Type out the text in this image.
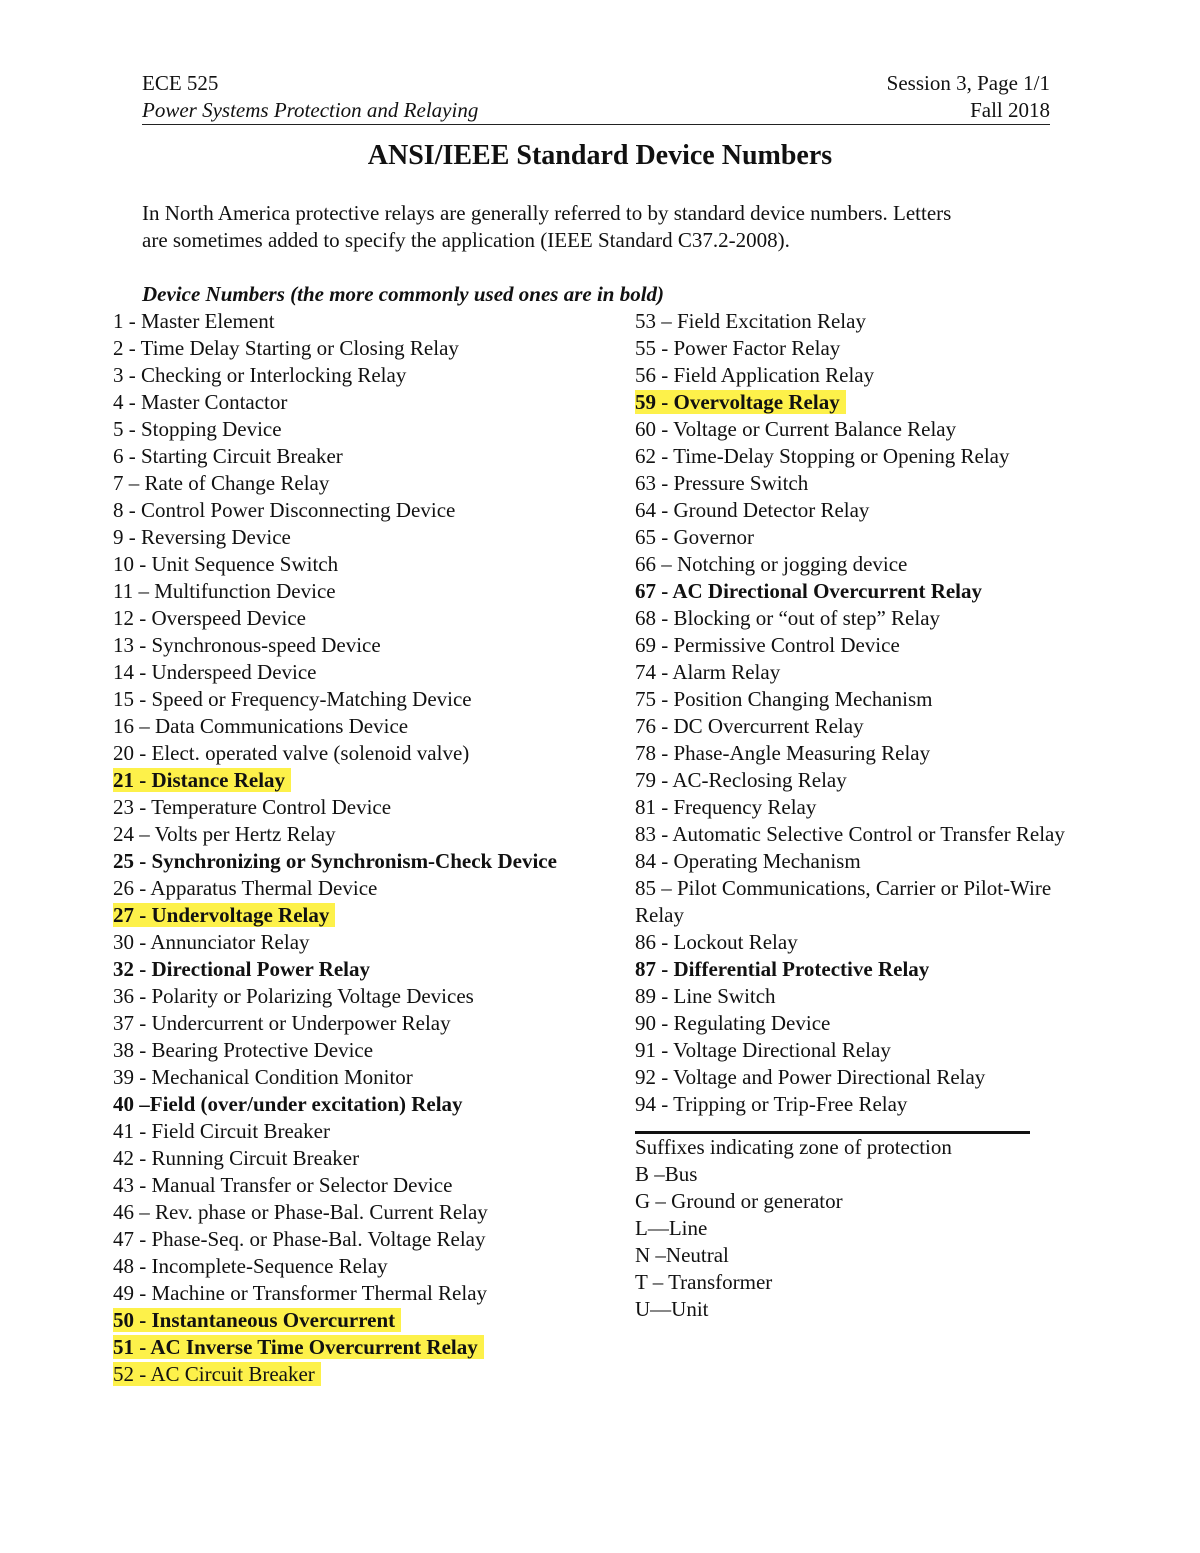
ECE 525	Session 3, Page 1/1
Power Systems Protection and Relaying	Fall 2018
ANSI/IEEE Standard Device Numbers

In North America protective relays are generally referred to by standard device numbers. Letters

are sometimes added to specify the application (IEEE Standard C37.2-2008).

Device Numbers (the more commonly used ones are in bold)
1 - Master Element
2 - Time Delay Starting or Closing Relay
3 - Checking or Interlocking Relay
4 - Master Contactor
5 - Stopping Device
6 - Starting Circuit Breaker
7 – Rate of Change Relay
8 - Control Power Disconnecting Device
9 - Reversing Device
10 - Unit Sequence Switch
11 – Multifunction Device
12 - Overspeed Device
13 - Synchronous-speed Device
14 - Underspeed Device
15 - Speed or Frequency-Matching Device
16 – Data Communications Device
20 - Elect. operated valve (solenoid valve)
21 - Distance Relay
23 - Temperature Control Device
24 – Volts per Hertz Relay
25 - Synchronizing or Synchronism-Check Device
26 - Apparatus Thermal Device
27 - Undervoltage Relay
30 - Annunciator Relay
32 - Directional Power Relay
36 - Polarity or Polarizing Voltage Devices
37 - Undercurrent or Underpower Relay
38 - Bearing Protective Device
39 - Mechanical Condition Monitor
40 –Field (over/under excitation) Relay
41 - Field Circuit Breaker
42 - Running Circuit Breaker
43 - Manual Transfer or Selector Device
46 – Rev. phase or Phase-Bal. Current Relay
47 - Phase-Seq. or Phase-Bal. Voltage Relay
48 - Incomplete-Sequence Relay
49 - Machine or Transformer Thermal Relay
50 - Instantaneous Overcurrent
51 - AC Inverse Time Overcurrent Relay
52 - AC Circuit Breaker
53 – Field Excitation Relay
55 - Power Factor Relay
56 - Field Application Relay
59 - Overvoltage Relay
60 - Voltage or Current Balance Relay
62 - Time-Delay Stopping or Opening Relay
63 - Pressure Switch
64 - Ground Detector Relay
65 - Governor
66 – Notching or jogging device
67 - AC Directional Overcurrent Relay
68 - Blocking or “out of step” Relay
69 - Permissive Control Device
74 - Alarm Relay
75 - Position Changing Mechanism
76 - DC Overcurrent Relay
78 - Phase-Angle Measuring Relay
79 - AC-Reclosing Relay
81 - Frequency Relay
83 - Automatic Selective Control or Transfer Relay
84 - Operating Mechanism
85 – Pilot Communications, Carrier or Pilot-Wire Relay
86 - Lockout Relay
87 - Differential Protective Relay
89 - Line Switch
90 - Regulating Device
91 - Voltage Directional Relay
92 - Voltage and Power Directional Relay
94 - Tripping or Trip-Free Relay
Suffixes indicating zone of protection
B –Bus
G – Ground or generator
L—Line
N –Neutral
T – Transformer
U—Unit
